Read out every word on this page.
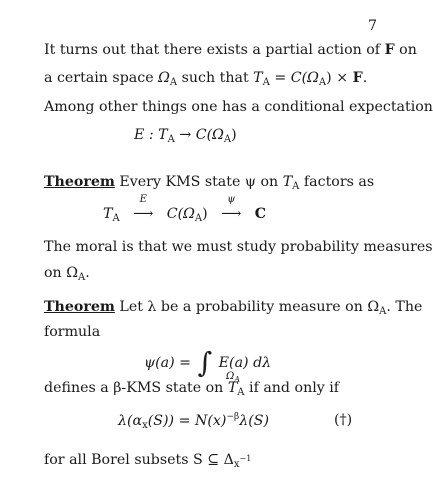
7
It turns out that there exists a partial action of F on
a certain space $\Omega_A$ such that $T_A = C(\Omega_A) \times F$.
Among other things one has a conditional expectation
E : $T_A \to C(\Omega_A)$
Theorem Every KMS state ψ on $T_A$ factors as
$T_A$
E
⟶ $C(\Omega_A)$
ψ
⟶ C
The moral is that we must study probability measures
on $\Omega_A$.
Theorem Let λ be a probability measure on $\Omega_A$. The
formula
ψ(a) = ∫ E(a) dλ
$\Omega_A$
defines a β-KMS state on $T_A$ if and only if
$\lambda(\alpha_x(S)) = N(x)^{-\beta}\lambda(S)$	(†)
for all Borel subsets S ⊆ $\Delta_{x^{-1}}$
